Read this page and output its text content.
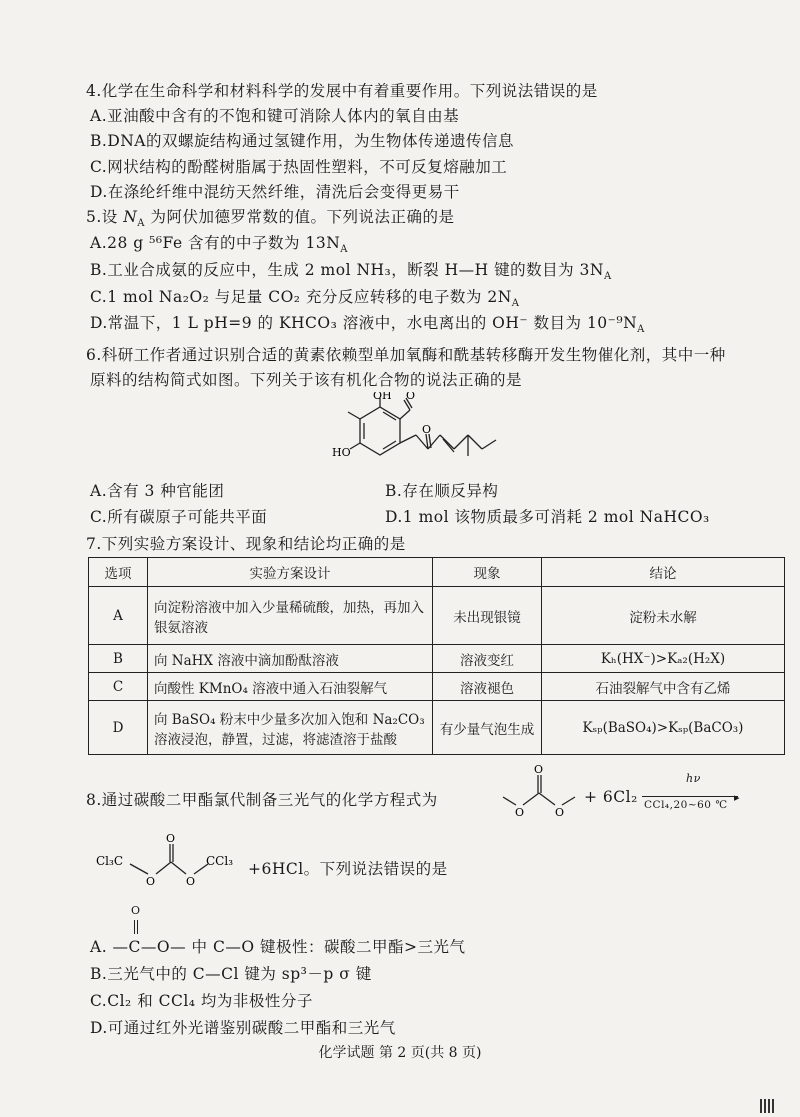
4.化学在生命科学和材料科学的发展中有着重要作用。下列说法错误的是
A.亚油酸中含有的不饱和键可消除人体内的氧自由基
B.DNA的双螺旋结构通过氢键作用，为生物体传递遗传信息
C.网状结构的酚醛树脂属于热固性塑料，不可反复熔融加工
D.在涤纶纤维中混纺天然纤维，清洗后会变得更易干
5.设 $N_A$ 为阿伏加德罗常数的值。下列说法正确的是
A.28 g ⁵⁶Fe 含有的中子数为 $13N_A$
B.工业合成氨的反应中，生成 2 mol NH₃，断裂 H—H 键的数目为 $3N_A$
C.1 mol Na₂O₂ 与足量 CO₂ 充分反应转移的电子数为 $2N_A$
D.常温下，1 L pH=9 的 KHCO₃ 溶液中，水电离出的 OH⁻ 数目为 $10^{-9}N_A$
6.科研工作者通过识别合适的黄素依赖型单加氧酶和酰基转移酶开发生物催化剂，其中一种
原料的结构简式如图。下列关于该有机化合物的说法正确的是
OH
HO
O
O
A.含有 3 种官能团	B.存在顺反异构
C.所有碳原子可能共平面	D.1 mol 该物质最多可消耗 2 mol NaHCO₃
7.下列实验方案设计、现象和结论均正确的是
选项	实验方案设计	现象	结论
A	向淀粉溶液中加入少量稀硫酸，加热，再加入
银氨溶液	未出现银镜	淀粉未水解
B	向 NaHX 溶液中滴加酚酞溶液	溶液变红	Kₕ(HX⁻)>Kₐ₂(H₂X)
C	向酸性 KMnO₄ 溶液中通入石油裂解气	溶液褪色	石油裂解气中含有乙烯
D	向 BaSO₄ 粉末中少量多次加入饱和 Na₂CO₃
溶液浸泡，静置，过滤，将滤渣溶于盐酸	有少量气泡生成	Kₛₚ(BaSO₄)>Kₛₚ(BaCO₃)
8.通过碳酸二甲酯氯代制备三光气的化学方程式为
O
O	O
+ 6Cl₂
hν
▸
CCl₄,20~60 ℃
Cl₃C	CCl₃
O
O	O
+6HCl。下列说法错误的是
O
A. —C—O— 中 C—O 键极性：碳酸二甲酯>三光气
B.三光气中的 C—Cl 键为 sp³－p σ 键
C.Cl₂ 和 CCl₄ 均为非极性分子
D.可通过红外光谱鉴别碳酸二甲酯和三光气
化学试题 第 2 页(共 8 页)
